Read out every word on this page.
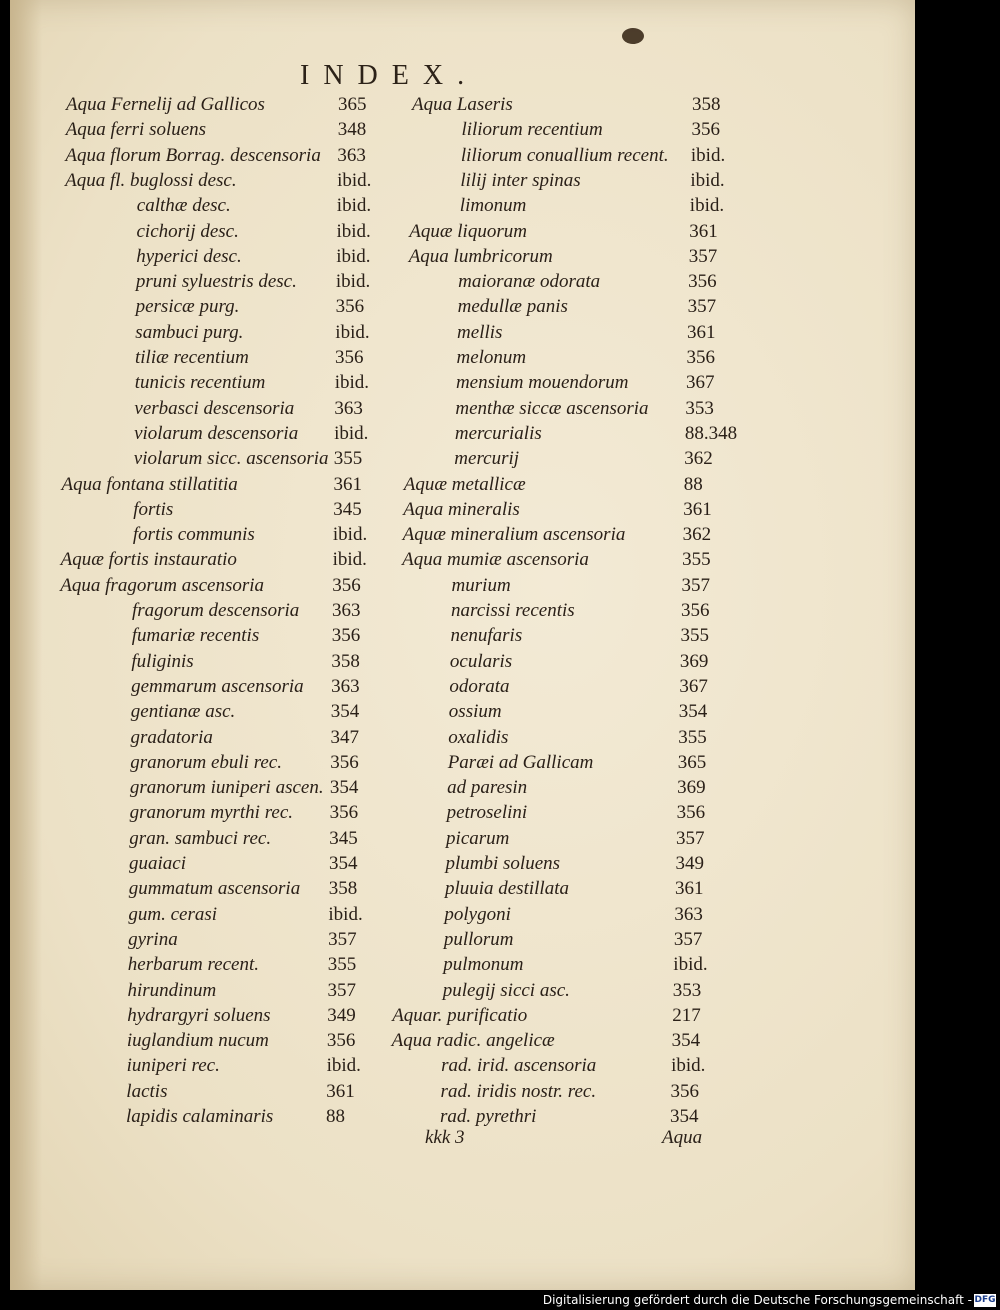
INDEX.
kkk 3	Aqua
Digitalisierung gefördert durch die Deutsche Forschungsgemeinschaft - DFG
Aqua Fernelij ad Gallicos	365
Aqua ferri soluens	348
Aqua florum Borrag. descensoria 363
Aqua fl. buglossi desc.	ibid.
calthæ desc.	ibid.
cichorij desc.	ibid.
hyperici desc.	ibid.
pruni syluestris desc. ibid.
persicæ purg.	356
sambuci purg.	ibid.
tiliæ recentium	356
tunicis recentium	ibid.
verbasci descensoria 363
violarum descensoria ibid.
violarum sicc. ascensoria 355
Aqua fontana stillatitia	361
fortis	345
fortis communis	ibid.
Aquæ fortis instauratio	ibid.
Aqua fragorum ascensoria	356
fragorum descensoria 363
fumariæ recentis	356
fuliginis	358
gemmarum ascensoria 363
gentianæ asc.	354
gradatoria	347
granorum ebuli rec.	356
granorum iuniperi ascen. 354
granorum myrthi rec. 356
gran. sambuci rec.	345
guaiaci	354
gummatum ascensoria 358
gum. cerasi	ibid.
gyrina	357
herbarum recent.	355
hirundinum	357
hydrargyri soluens	349
iuglandium nucum	356
iuniperi rec.	ibid.
lactis	361
lapidis calaminaris	88
Aqua Laseris	358
liliorum recentium	356
liliorum conuallium recent. ibid.
lilij inter spinas	ibid.
limonum	ibid.
Aquæ liquorum	361
Aqua lumbricorum	357
maioranæ odorata	356
medullæ panis	357
mellis	361
melonum	356
mensium mouendorum	367
menthæ siccæ ascensoria 353
mercurialis	88.348
mercurij	362
Aquæ metallicæ	88
Aqua mineralis	361
Aquæ mineralium ascensoria	362
Aqua mumiæ ascensoria	355
murium	357
narcissi recentis	356
nenufaris	355
ocularis	369
odorata	367
ossium	354
oxalidis	355
Paræi ad Gallicam	365
ad paresin	369
petroselini	356
picarum	357
plumbi soluens	349
pluuia destillata	361
polygoni	363
pullorum	357
pulmonum	ibid.
pulegij sicci asc.	353
Aquar. purificatio	217
Aqua radic. angelicæ	354
rad. irid. ascensoria	ibid.
rad. iridis nostr. rec.	356
rad. pyrethri	354
